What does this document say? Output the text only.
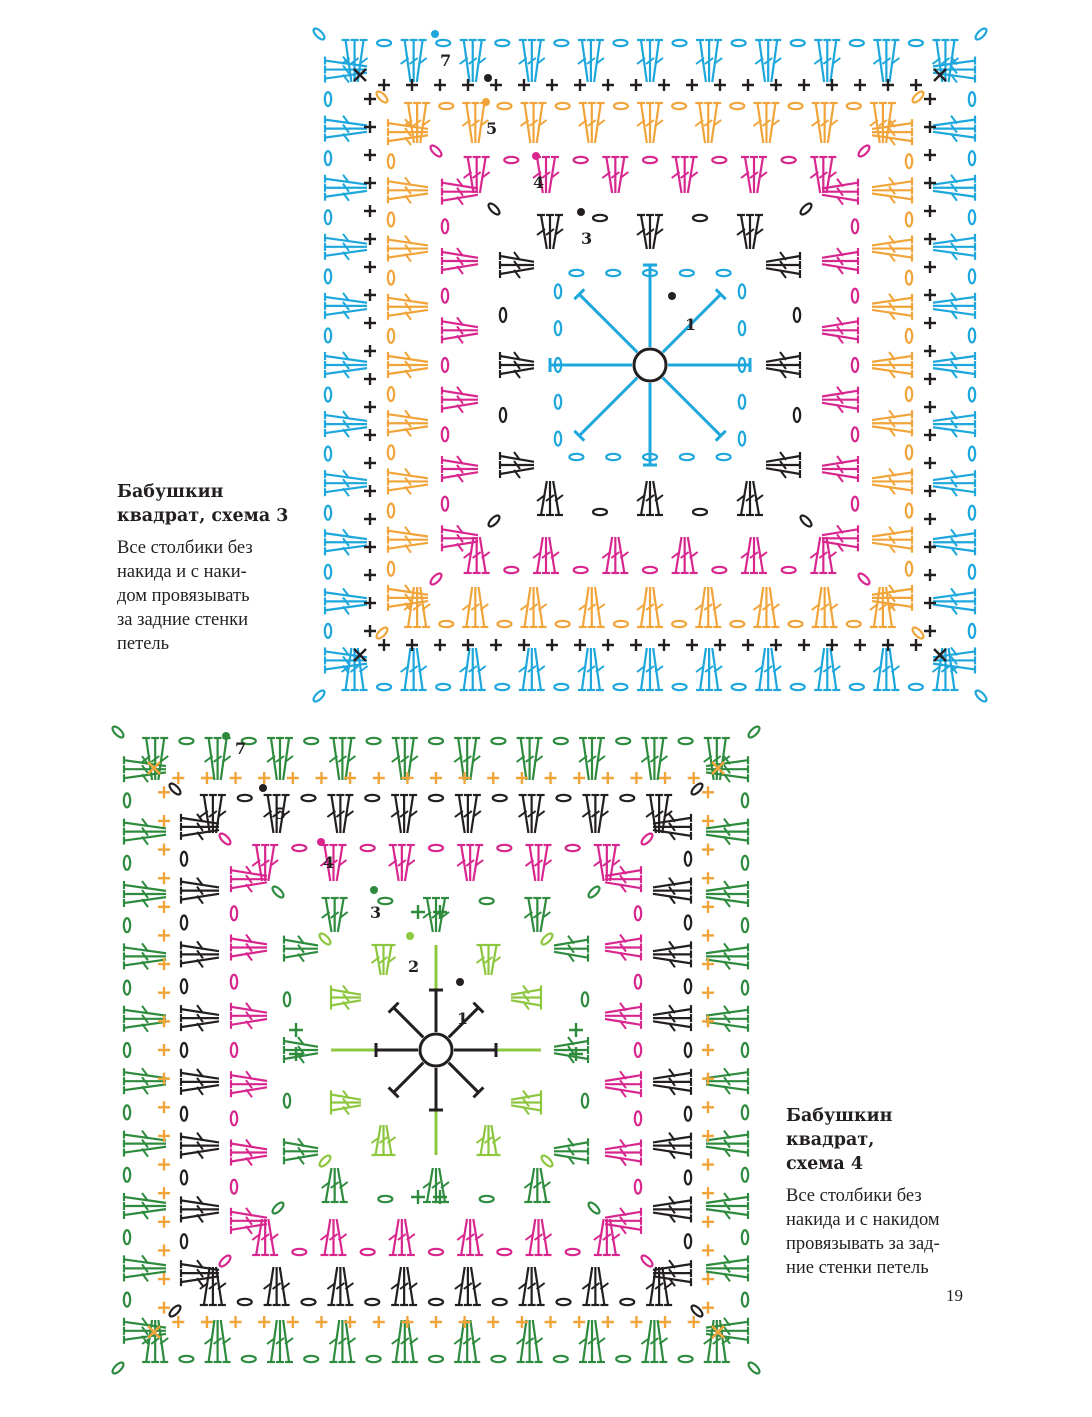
7
5
4
3
1
7
5
4
3
2
1

Бабушкин
квадрат, схема 3

Все столбики без
накида и с наки-
дом провязывать
за задние стенки
петель

Бабушкин квадрат,
схема 4

Все столбики без
накида и с накидом
провязывать за зад-
ние стенки петель

19
